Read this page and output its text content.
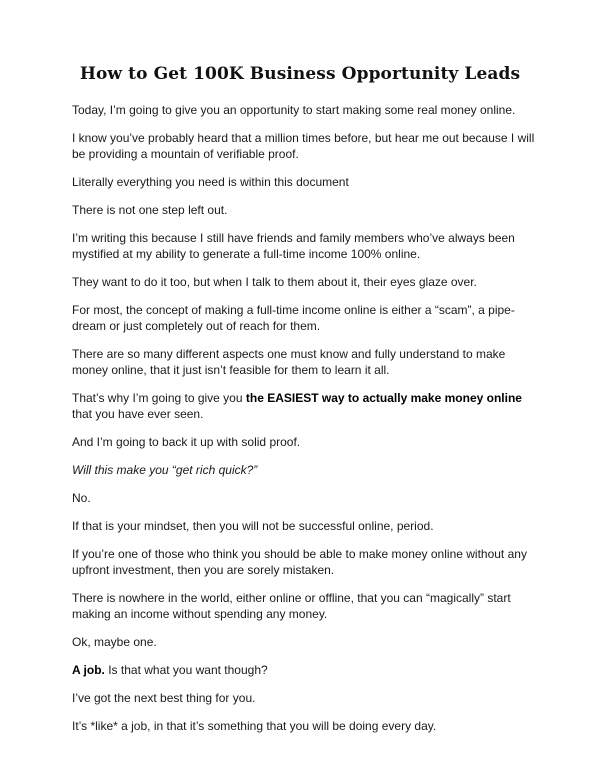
How to Get 100K Business Opportunity Leads

Today, I’m going to give you an opportunity to start making some real money online.

I know you’ve probably heard that a million times before, but hear me out because I will be providing a mountain of verifiable proof.

Literally everything you need is within this document

There is not one step left out.

I’m writing this because I still have friends and family members who’ve always been mystified at my ability to generate a full-time income 100% online.

They want to do it too, but when I talk to them about it, their eyes glaze over.

For most, the concept of making a full-time income online is either a “scam”, a pipe-dream or just completely out of reach for them.

There are so many different aspects one must know and fully understand to make money online, that it just isn’t feasible for them to learn it all.

That’s why I’m going to give you the EASIEST way to actually make money online that you have ever seen.

And I’m going to back it up with solid proof.

Will this make you “get rich quick?”

No.

If that is your mindset, then you will not be successful online, period.

If you’re one of those who think you should be able to make money online without any upfront investment, then you are sorely mistaken.

There is nowhere in the world, either online or offline, that you can “magically” start making an income without spending any money.

Ok, maybe one.

A job. Is that what you want though?

I’ve got the next best thing for you.

It’s *like* a job, in that it’s something that you will be doing every day.
